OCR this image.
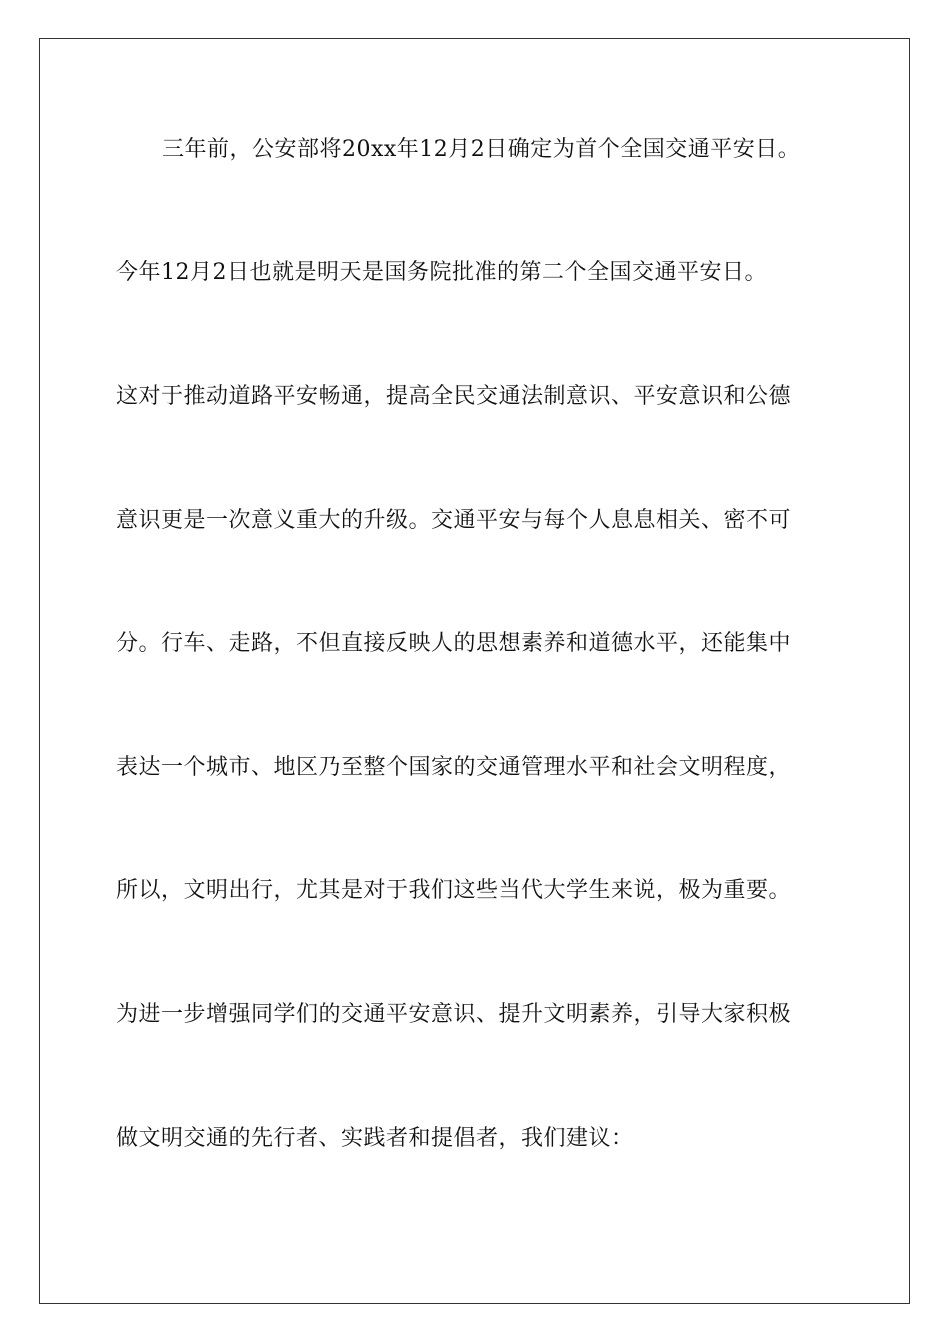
三年前，公安部将20xx年12月2日确定为首个全国交通平安日。
今年12月2日也就是明天是国务院批准的第二个全国交通平安日。
这对于推动道路平安畅通，提高全民交通法制意识、平安意识和公德
意识更是一次意义重大的升级。交通平安与每个人息息相关、密不可
分。行车、走路，不但直接反映人的思想素养和道德水平，还能集中
表达一个城市、地区乃至整个国家的交通管理水平和社会文明程度，
所以，文明出行，尤其是对于我们这些当代大学生来说，极为重要。
为进一步增强同学们的交通平安意识、提升文明素养，引导大家积极
做文明交通的先行者、实践者和提倡者，我们建议：
